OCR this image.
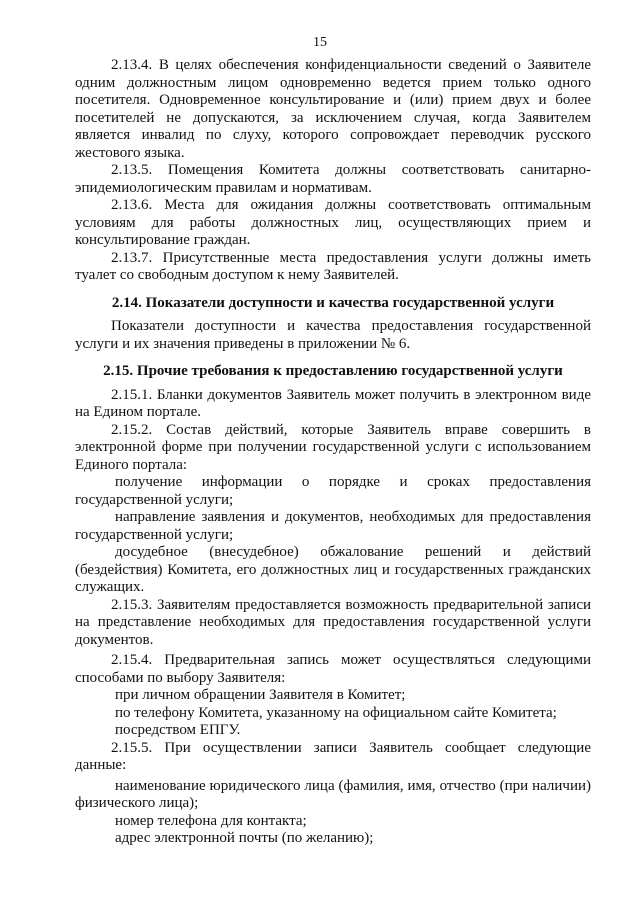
15

2.13.4. В целях обеспечения конфиденциальности сведений о Заявителе одним должностным лицом одновременно ведется прием только одного посетителя. Одновременное консультирование и (или) прием двух и более посетителей не допускаются, за исключением случая, когда Заявителем является инвалид по слуху, которого сопровождает переводчик русского жестового языка.

2.13.5. Помещения Комитета должны соответствовать санитарно-эпидемиологическим правилам и нормативам.

2.13.6. Места для ожидания должны соответствовать оптимальным условиям для работы должностных лиц, осуществляющих прием и консультирование граждан.

2.13.7. Присутственные места предоставления услуги должны иметь туалет со свободным доступом к нему Заявителей.

2.14. Показатели доступности и качества государственной услуги

Показатели доступности и качества предоставления государственной услуги и их значения приведены в приложении № 6.

2.15. Прочие требования к предоставлению государственной услуги

2.15.1. Бланки документов Заявитель может получить в электронном виде на Едином портале.

2.15.2. Состав действий, которые Заявитель вправе совершить в электронной форме при получении государственной услуги с использованием Единого портала:

получение информации о порядке и сроках предоставления государственной услуги;

направление заявления и документов, необходимых для предоставления государственной услуги;

досудебное (внесудебное) обжалование решений и действий (бездействия) Комитета, его должностных лиц и государственных гражданских служащих.

2.15.3. Заявителям предоставляется возможность предварительной записи на представление необходимых для предоставления государственной услуги документов.

2.15.4. Предварительная запись может осуществляться следующими способами по выбору Заявителя:

при личном обращении Заявителя в Комитет;

по телефону Комитета, указанному на официальном сайте Комитета;

посредством ЕПГУ.

2.15.5. При осуществлении записи Заявитель сообщает следующие данные:

наименование юридического лица (фамилия, имя, отчество (при наличии) физического лица);

номер телефона для контакта;

адрес электронной почты (по желанию);
